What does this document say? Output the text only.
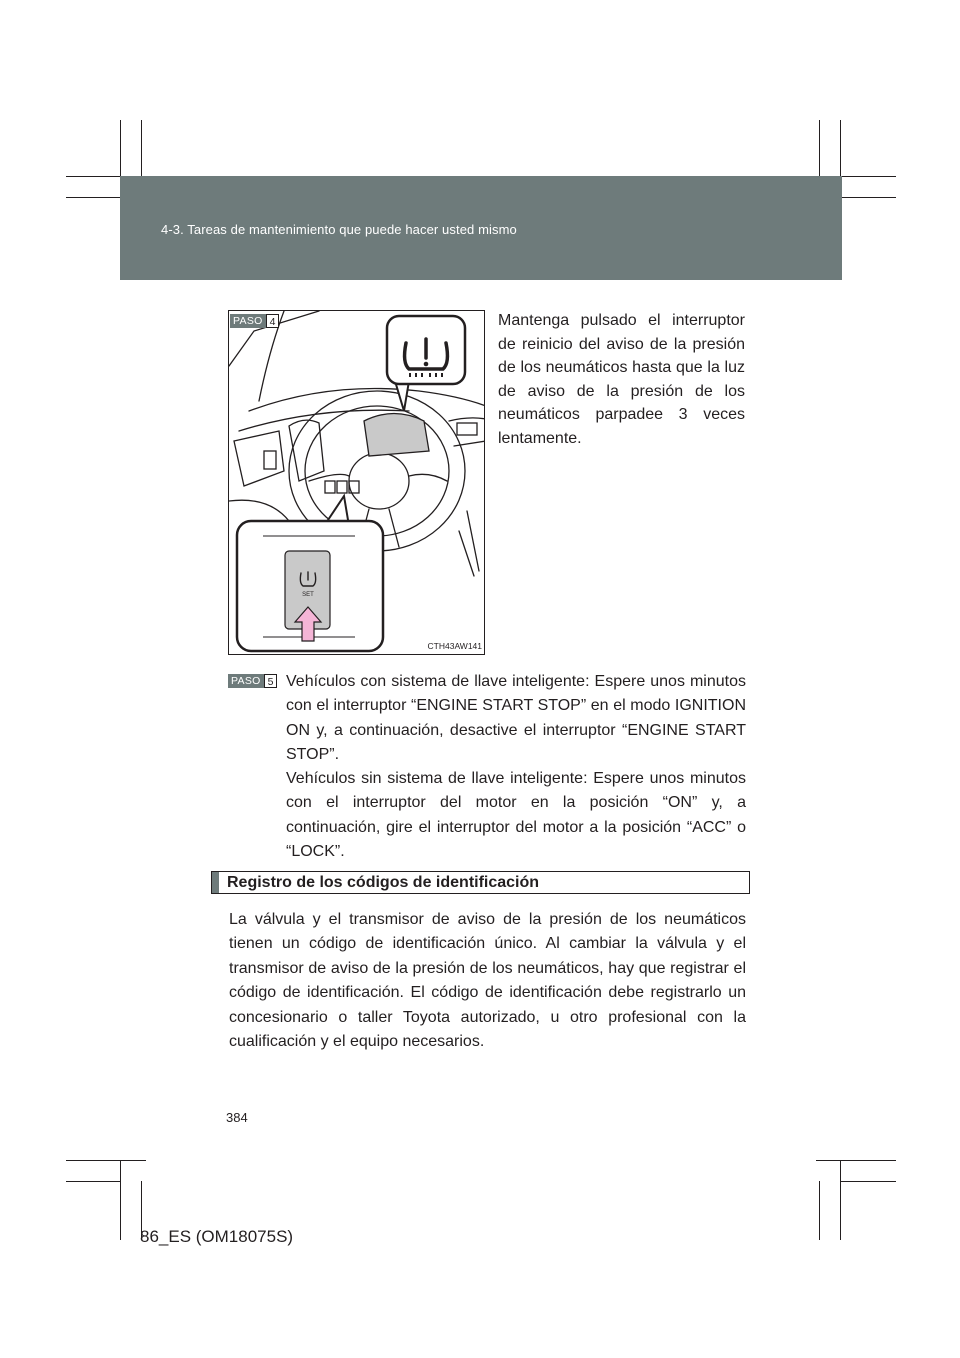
4-3. Tareas de mantenimiento que puede hacer usted mismo
SET
PASO 4
CTH43AW141

Mantenga pulsado el interruptor de reinicio del aviso de la presión de los neumáticos hasta que la luz de aviso de la presión de los neumáticos parpadee 3 veces lentamente.

PASO 5 Vehículos con sistema de llave inteligente: Espere unos minutos con el interruptor “ENGINE START STOP” en el modo IGNITION ON y, a continuación, desactive el interruptor “ENGINE START STOP”.

Vehículos sin sistema de llave inteligente: Espere unos minutos con el interruptor del motor en la posición “ON” y, a continuación, gire el interruptor del motor a la posición “ACC” o “LOCK”.

Registro de los códigos de identificación

La válvula y el transmisor de aviso de la presión de los neumáticos tienen un código de identificación único. Al cambiar la válvula y el transmisor de aviso de la presión de los neumáticos, hay que registrar el código de identificación. El código de identificación debe registrarlo un concesionario o taller Toyota autorizado, u otro profesional con la cualificación y el equipo necesarios.

384
86_ES (OM18075S)
